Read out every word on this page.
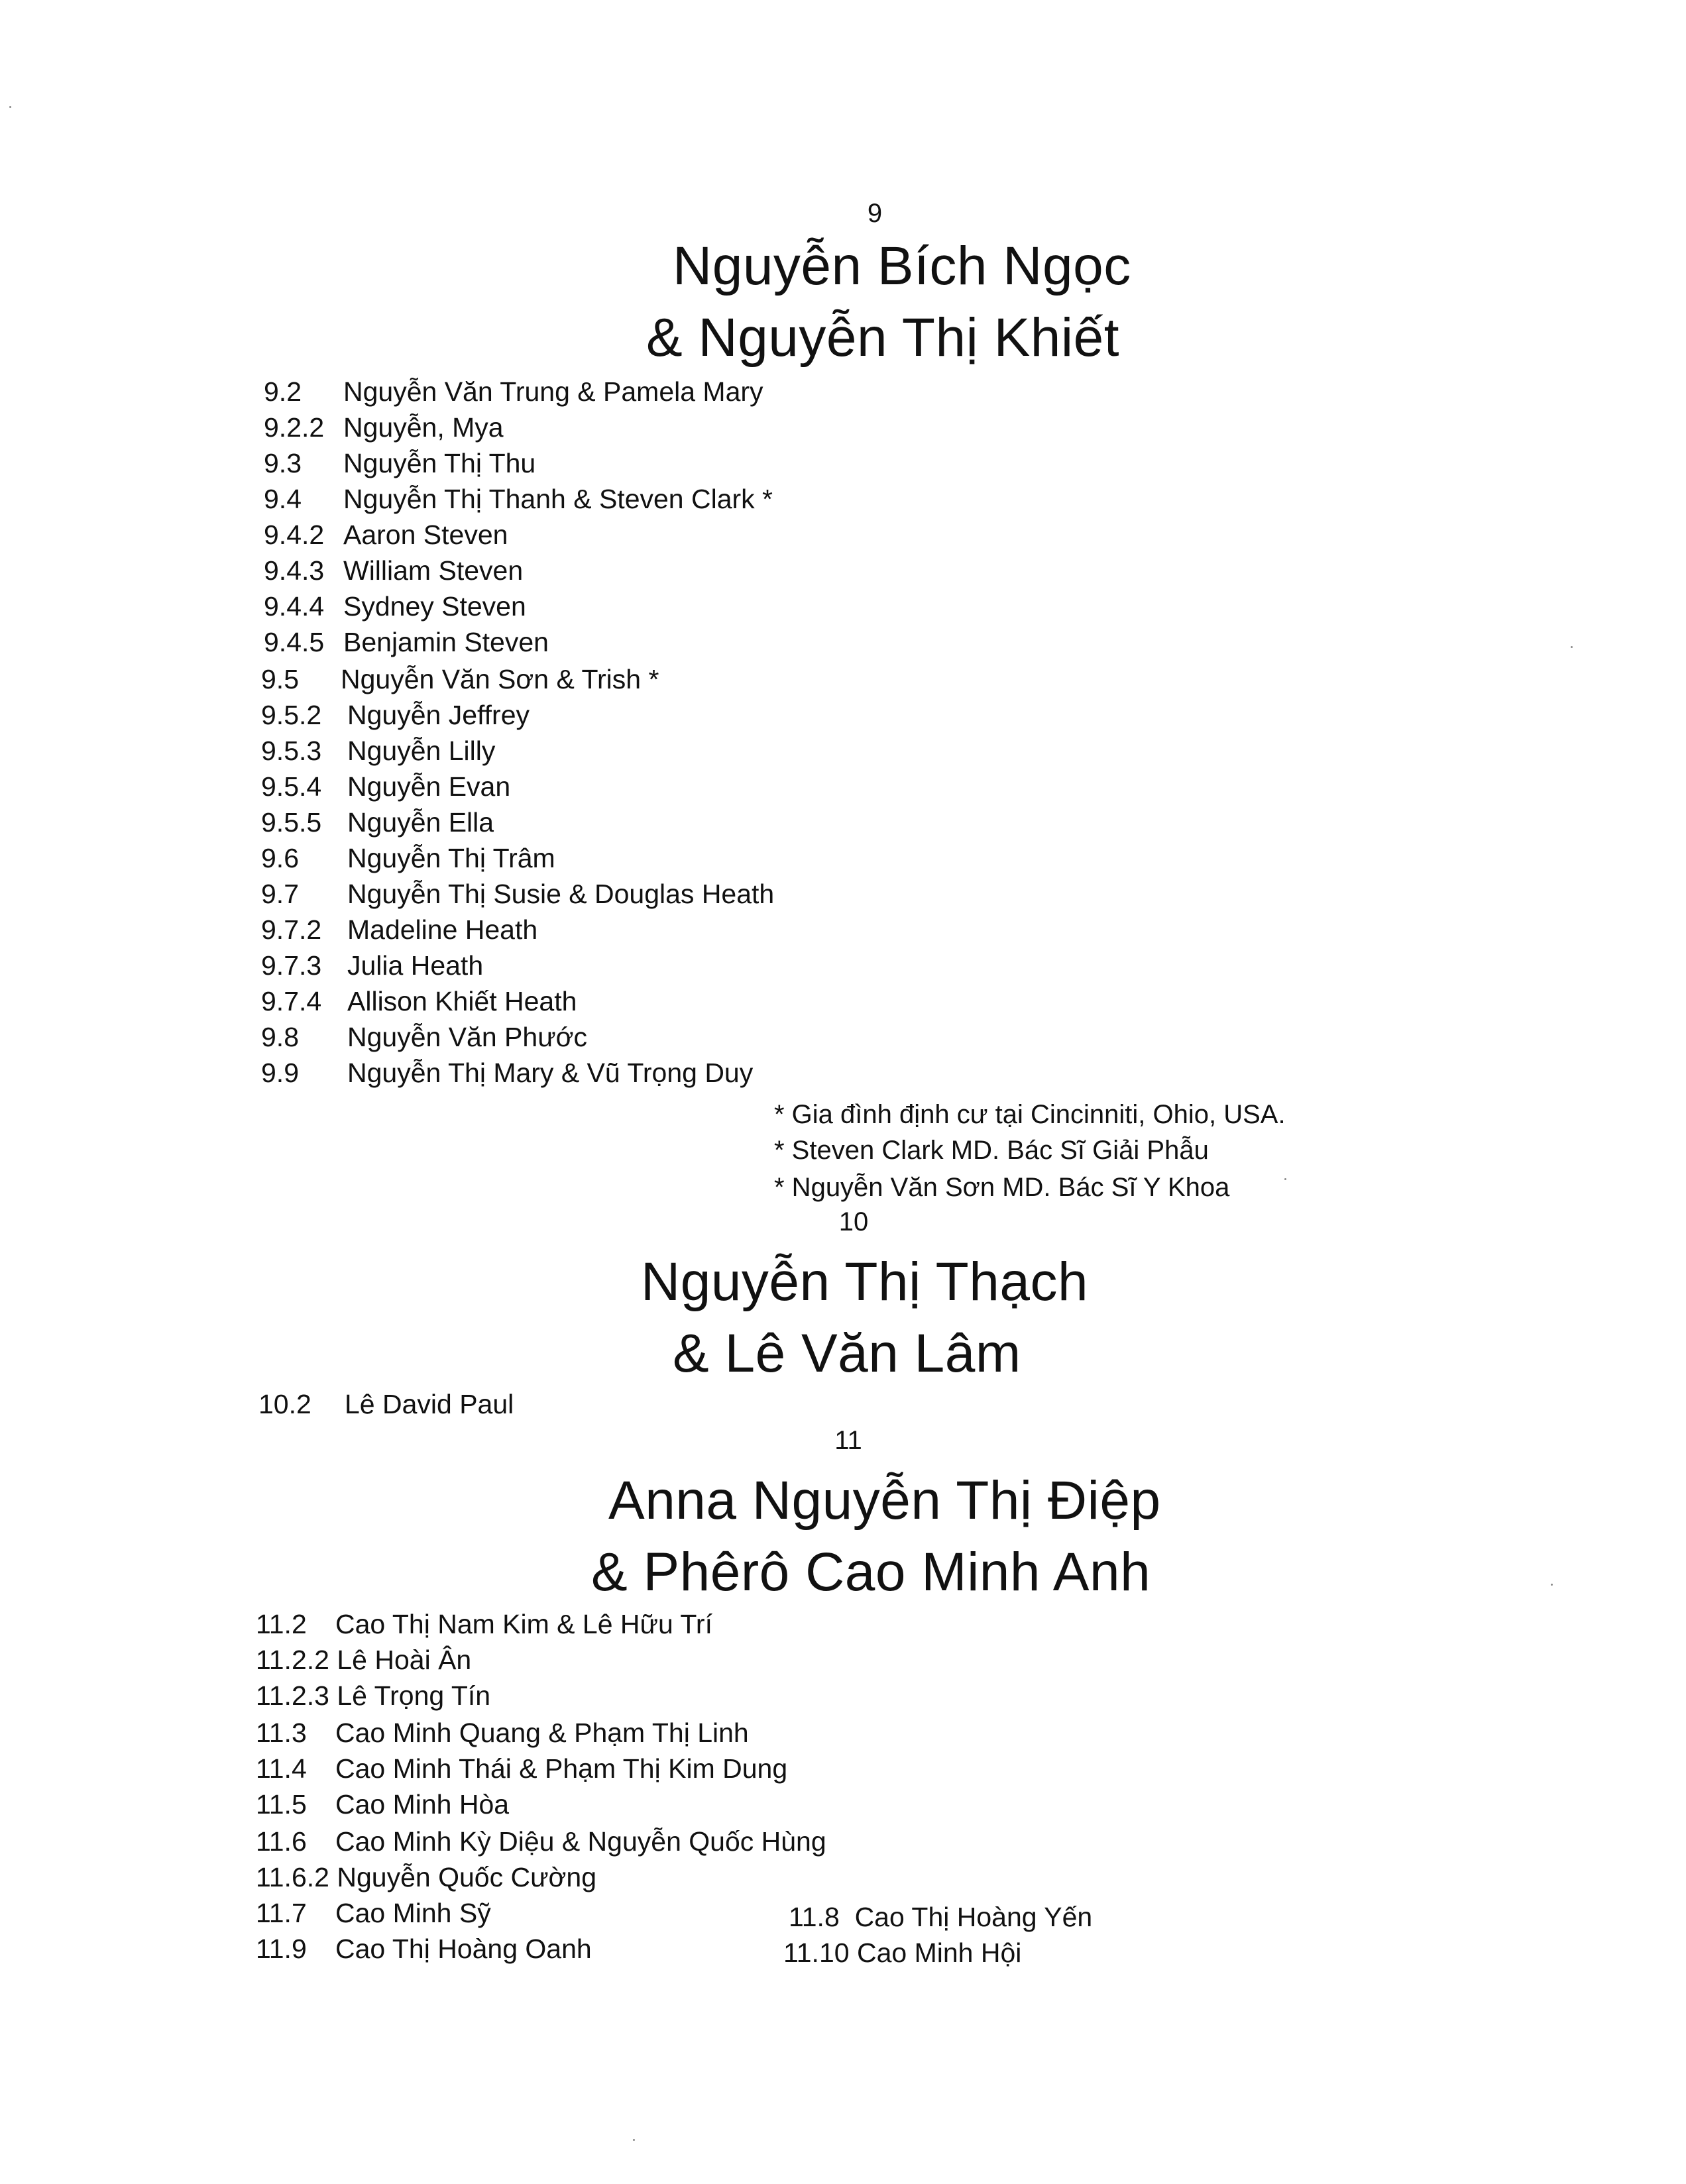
9
Nguyễn Bích Ngọc
& Nguyễn Thị Khiết
9.2 Nguyễn Văn Trung & Pamela Mary
9.2.2 Nguyễn, Mya
9.3 Nguyễn Thị Thu
9.4 Nguyễn Thị Thanh & Steven Clark *
9.4.2 Aaron Steven
9.4.3 William Steven
9.4.4 Sydney Steven
9.4.5 Benjamin Steven
9.5 Nguyễn Văn Sơn & Trish *
9.5.2 Nguyễn Jeffrey
9.5.3 Nguyễn Lilly
9.5.4 Nguyễn Evan
9.5.5 Nguyễn Ella
9.6 Nguyễn Thị Trâm
9.7 Nguyễn Thị Susie & Douglas Heath
9.7.2 Madeline Heath
9.7.3 Julia Heath
9.7.4 Allison Khiết Heath
9.8 Nguyễn Văn Phước
9.9 Nguyễn Thị Mary & Vũ Trọng Duy
* Gia đình định cư tại Cincinniti, Ohio, USA.
* Steven Clark MD. Bác Sĩ Giải Phẫu
* Nguyễn Văn Sơn MD. Bác Sĩ Y Khoa
10
Nguyễn Thị Thạch
& Lê Văn Lâm
10.2 Lê David Paul
11
Anna Nguyễn Thị Điệp
& Phêrô Cao Minh Anh
11.2 Cao Thị Nam Kim & Lê Hữu Trí
11.2.2 Lê Hoài Ân
11.2.3 Lê Trọng Tín
11.3 Cao Minh Quang & Phạm Thị Linh
11.4 Cao Minh Thái & Phạm Thị Kim Dung
11.5 Cao Minh Hòa
11.6 Cao Minh Kỳ Diệu & Nguyễn Quốc Hùng
11.6.2 Nguyễn Quốc Cường
11.7 Cao Minh Sỹ
11.9 Cao Thị Hoàng Oanh
11.8 Cao Thị Hoàng Yến
11.10 Cao Minh Hội
